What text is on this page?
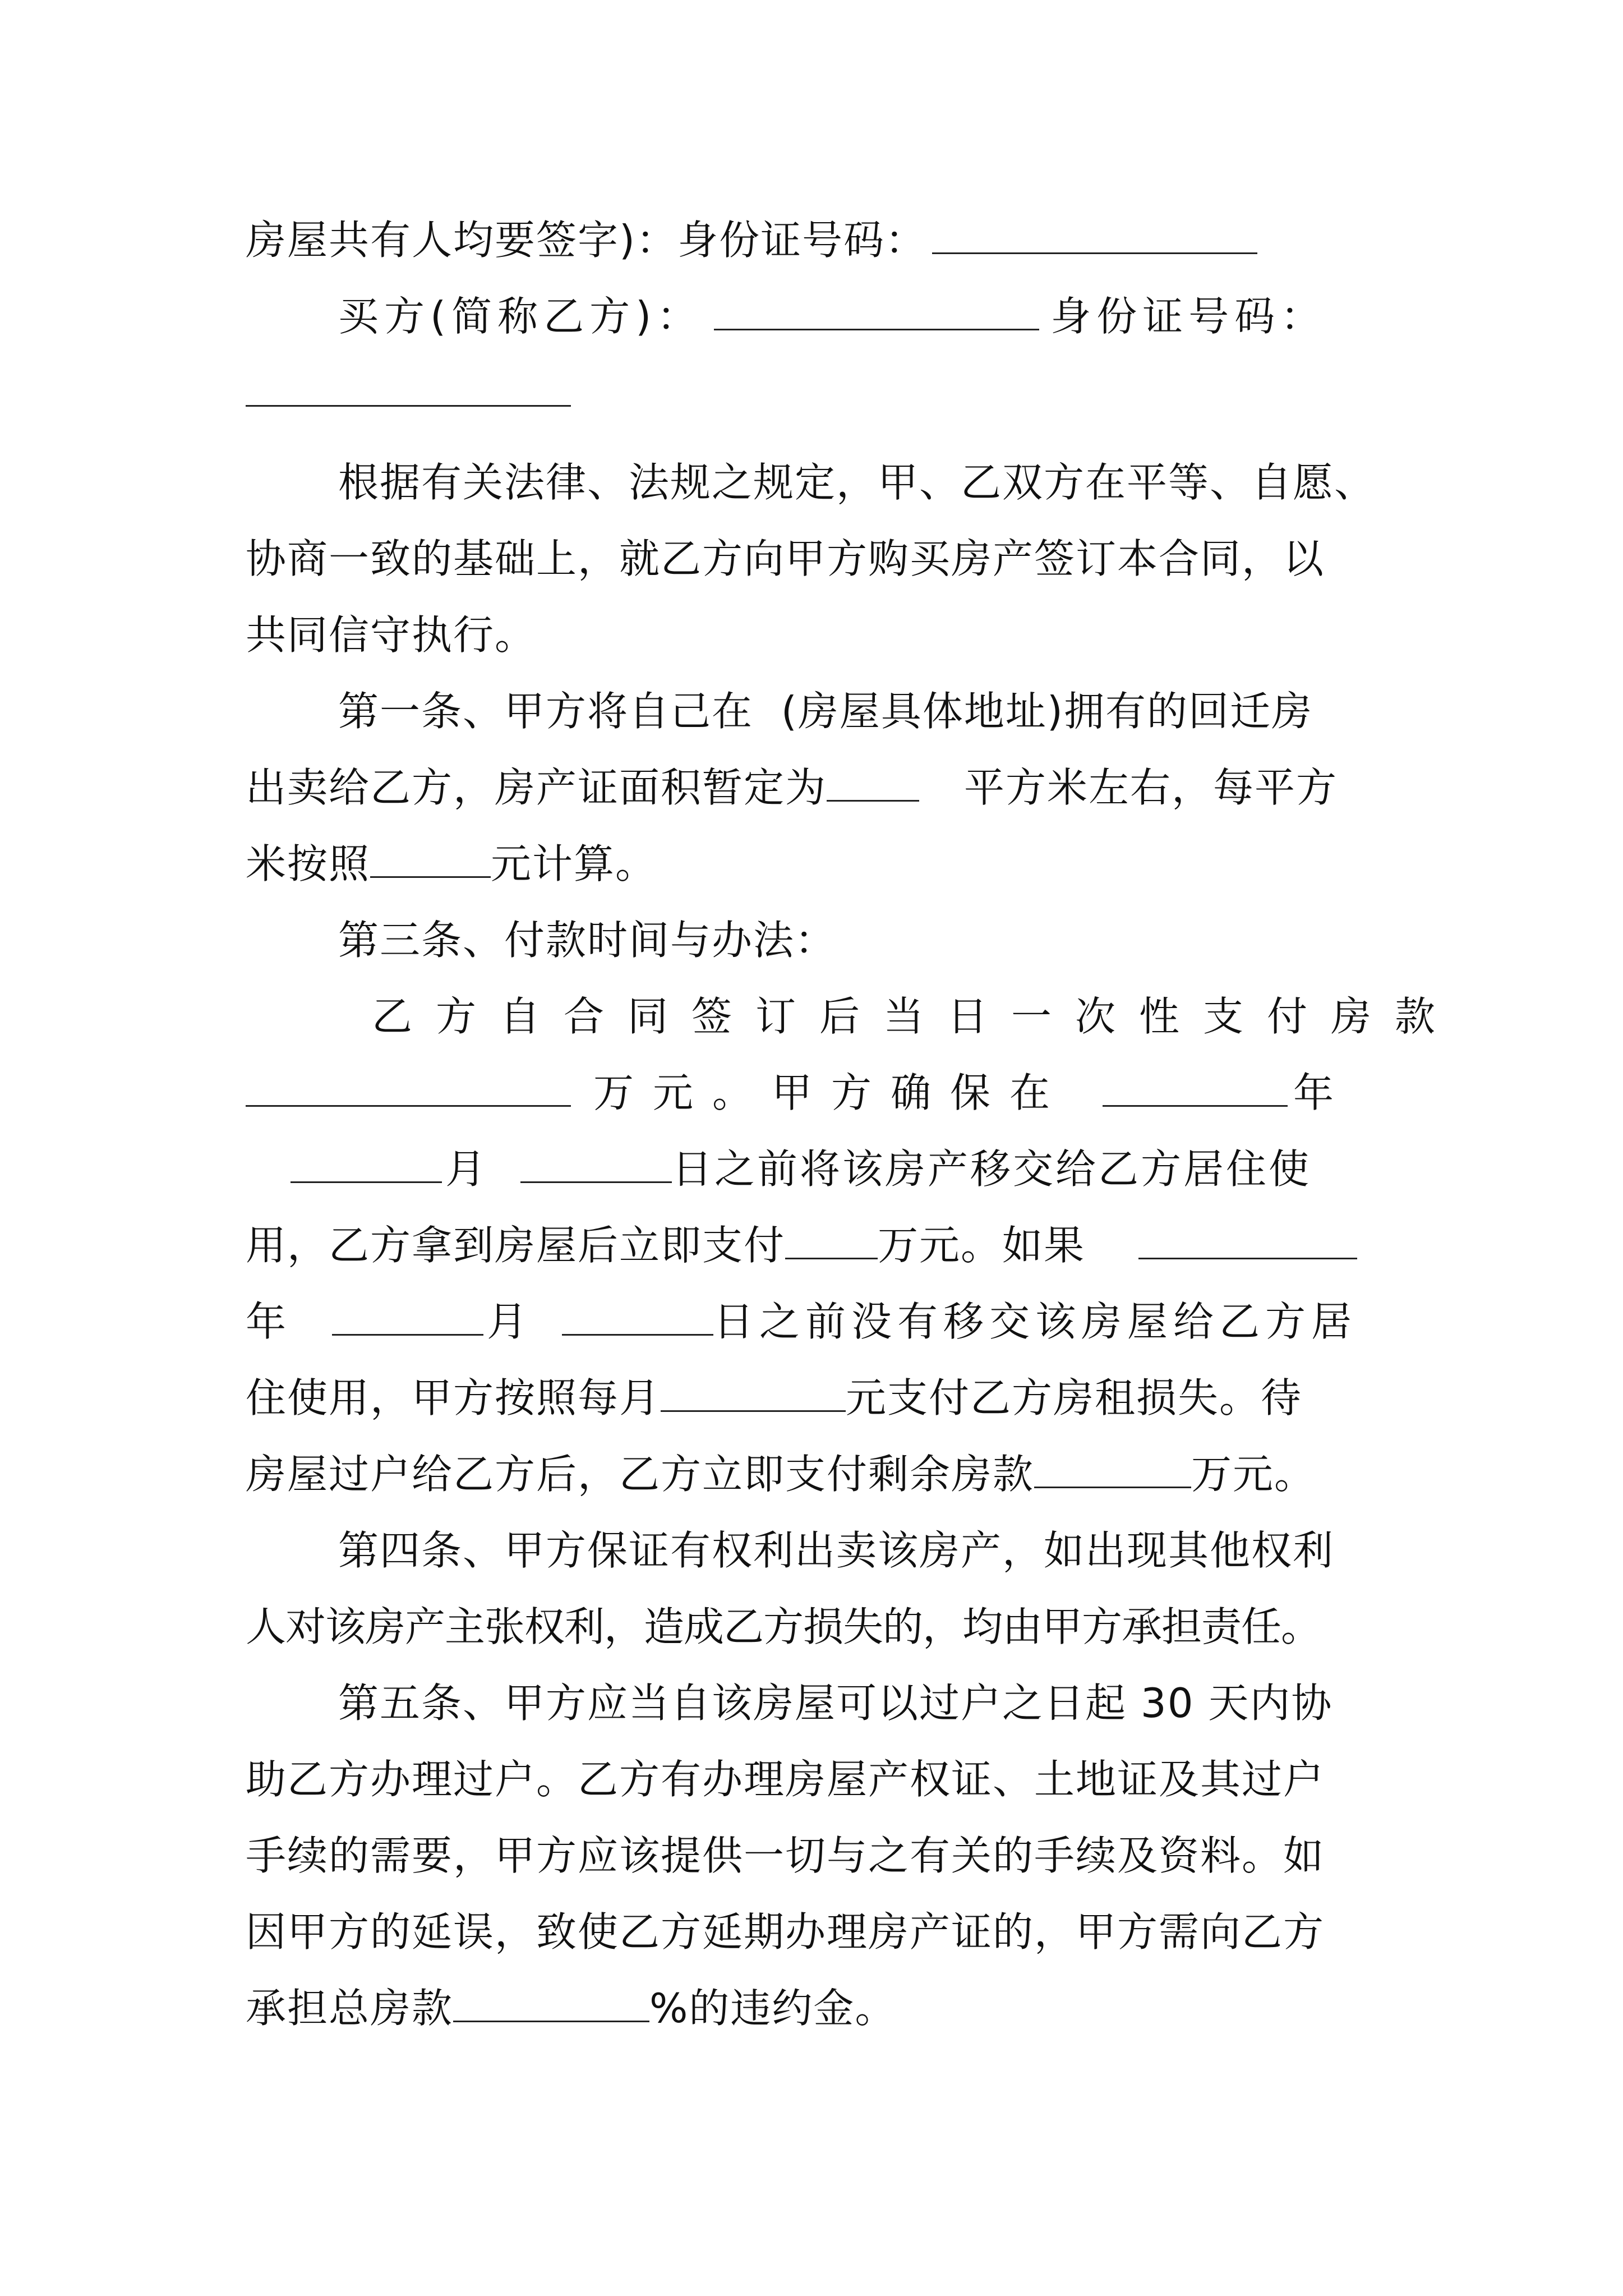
房屋共有人均要签字)：身份证号码：
买方(简称乙方)：	身份证号码：
根据有关法律、法规之规定，甲、乙双方在平等、自愿、
协商一致的基础上，就乙方向甲方购买房产签订本合同，以
共同信守执行。
第一条、甲方将自己在  (房屋具体地址)拥有的回迁房
出卖给乙方，房产证面积暂定为	平方米左右，每平方
米按照	元计算。
第三条、付款时间与办法：
乙方自合同签订后当日一次性支付房款
万元。甲方确保在	年
月	日之前将该房产移交给乙方居住使
用，乙方拿到房屋后立即支付 万元。如果
年	月	日之前没有移交该房屋给乙方居
住使用，甲方按照每月	元支付乙方房租损失。待
房屋过户给乙方后，乙方立即支付剩余房款	万元。
第四条、甲方保证有权利出卖该房产，如出现其他权利
人对该房产主张权利，造成乙方损失的，均由甲方承担责任。
第五条、甲方应当自该房屋可以过户之日起 30 天内协
助乙方办理过户。乙方有办理房屋产权证、土地证及其过户
手续的需要，甲方应该提供一切与之有关的手续及资料。如
因甲方的延误，致使乙方延期办理房产证的，甲方需向乙方
承担总房款	%的违约金。
